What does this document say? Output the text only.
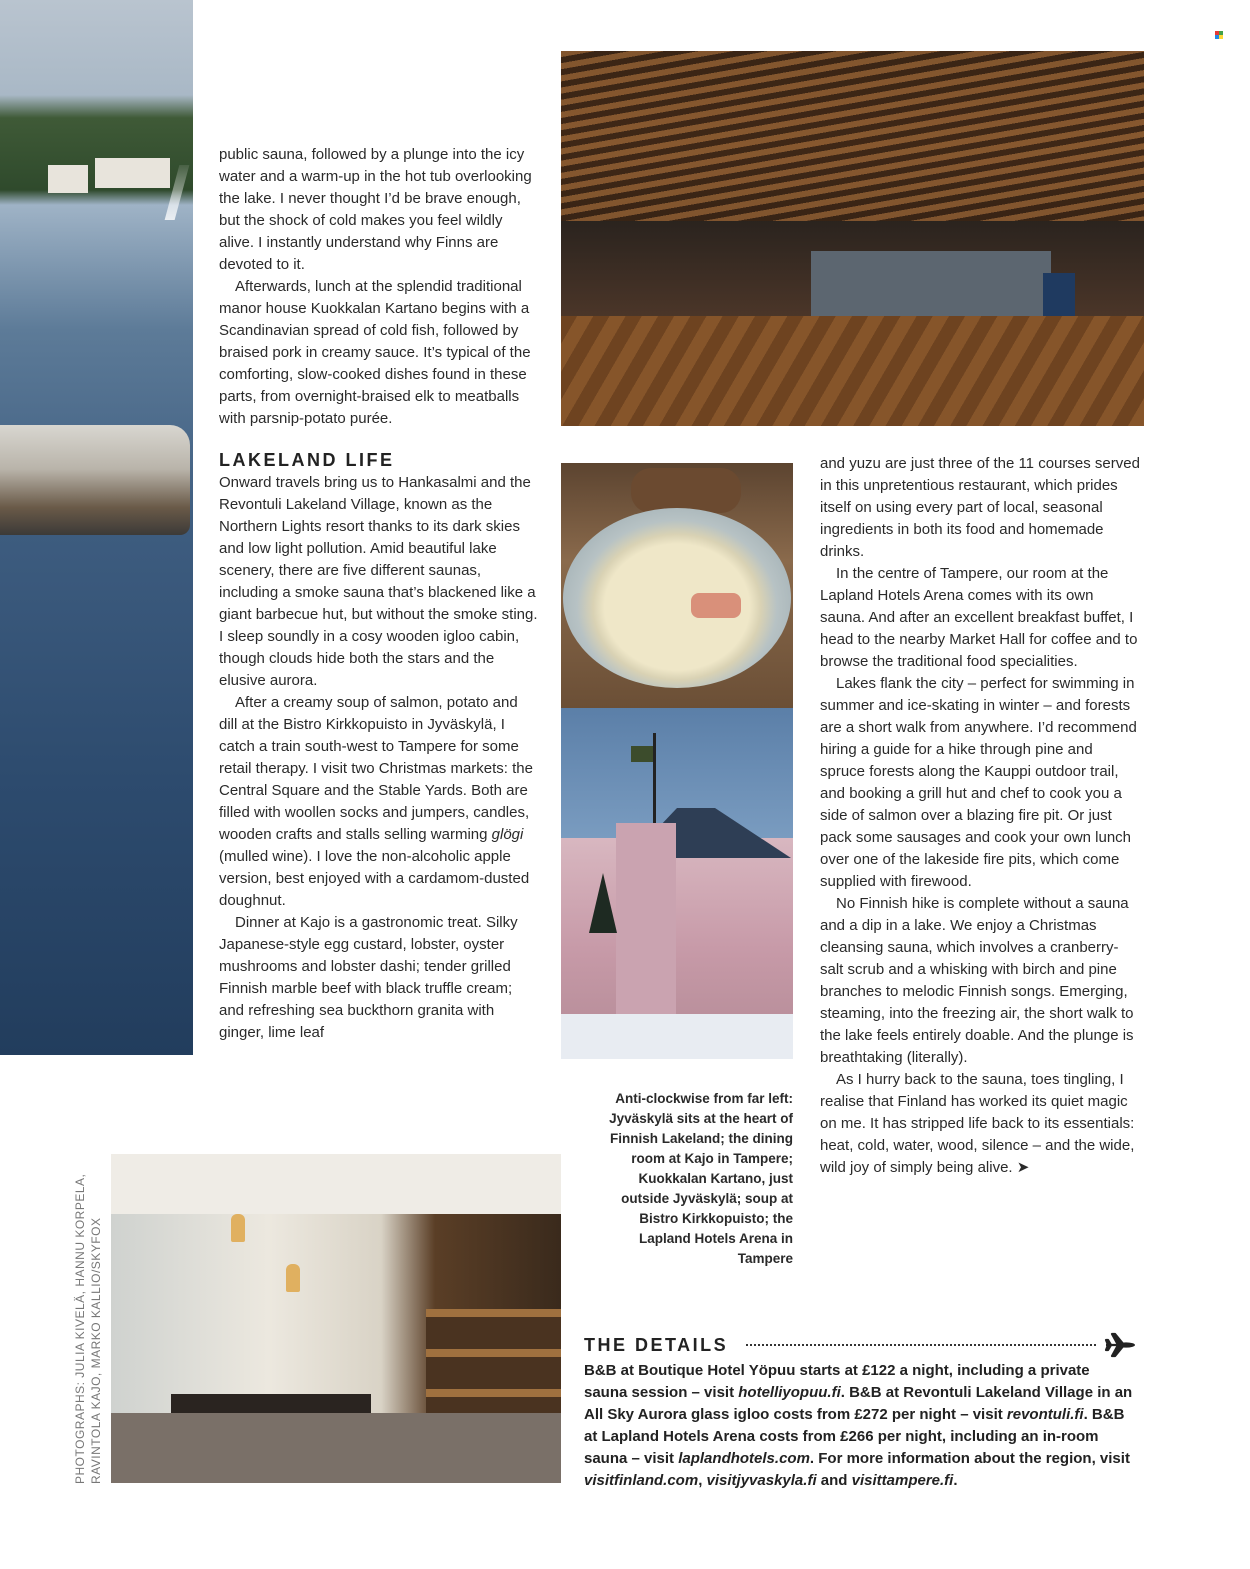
public sauna, followed by a plunge into the icy water and a warm-up in the hot tub overlooking the lake. I never thought I’d be brave enough, but the shock of cold makes you feel wildly alive. I instantly understand why Finns are devoted to it.

Afterwards, lunch at the splendid traditional manor house Kuokkalan Kartano begins with a Scandinavian spread of cold fish, followed by braised pork in creamy sauce. It’s typical of the comforting, slow-cooked dishes found in these parts, from overnight-braised elk to meatballs with parsnip-potato purée.

LAKELAND LIFE

Onward travels bring us to Hankasalmi and the Revontuli Lakeland Village, known as the Northern Lights resort thanks to its dark skies and low light pollution. Amid beautiful lake scenery, there are five different saunas, including a smoke sauna that’s blackened like a giant barbecue hut, but without the smoke sting. I sleep soundly in a cosy wooden igloo cabin, though clouds hide both the stars and the elusive aurora.

After a creamy soup of salmon, potato and dill at the Bistro Kirkkopuisto in Jyväskylä, I catch a train south-west to Tampere for some retail therapy. I visit two Christmas markets: the Central Square and the Stable Yards. Both are filled with woollen socks and jumpers, candles, wooden crafts and stalls selling warming glögi (mulled wine). I love the non-alcoholic apple version, best enjoyed with a cardamom-dusted doughnut.

Dinner at Kajo is a gastronomic treat. Silky Japanese-style egg custard, lobster, oyster mushrooms and lobster dashi; tender grilled Finnish marble beef with black truffle cream; and refreshing sea buckthorn granita with ginger, lime leaf

and yuzu are just three of the 11 courses served in this unpretentious restaurant, which prides itself on using every part of local, seasonal ingredients in both its food and homemade drinks.

In the centre of Tampere, our room at the Lapland Hotels Arena comes with its own sauna. And after an excellent breakfast buffet, I head to the nearby Market Hall for coffee and to browse the traditional food specialities.

Lakes flank the city – perfect for swimming in summer and ice-skating in winter – and forests are a short walk from anywhere. I’d recommend hiring a guide for a hike through pine and spruce forests along the Kauppi outdoor trail, and booking a grill hut and chef to cook you a side of salmon over a blazing fire pit. Or just pack some sausages and cook your own lunch over one of the lakeside fire pits, which come supplied with firewood.

No Finnish hike is complete without a sauna and a dip in a lake. We enjoy a Christmas cleansing sauna, which involves a cranberry-salt scrub and a whisking with birch and pine branches to melodic Finnish songs. Emerging, steaming, into the freezing air, the short walk to the lake feels entirely doable. And the plunge is breathtaking (literally).

As I hurry back to the sauna, toes tingling, I realise that Finland has worked its quiet magic on me. It has stripped life back to its essentials: heat, cold, water, wood, silence – and the wide, wild joy of simply being alive. ➤

Anti-clockwise from far left: Jyväskylä sits at the heart of Finnish Lakeland; the dining room at Kajo in Tampere; Kuokkalan Kartano, just outside Jyväskylä; soup at Bistro Kirkkopuisto; the Lapland Hotels Arena in Tampere
PHOTOGRAPHS: JULIA KIVELÄ, HANNU KORPELA, RAVINTOLA KAJO, MARKO KALLIO/SKYFOX	THE DETAILS
B&B at Boutique Hotel Yöpuu starts at £122 a night, including a private sauna session – visit hotelliyopuu.fi. B&B at Revontuli Lakeland Village in an All Sky Aurora glass igloo costs from £272 per night – visit revontuli.fi. B&B at Lapland Hotels Arena costs from £266 per night, including an in-room sauna – visit laplandhotels.com. For more information about the region, visit visitfinland.com, visitjyvaskyla.fi and visittampere.fi.
